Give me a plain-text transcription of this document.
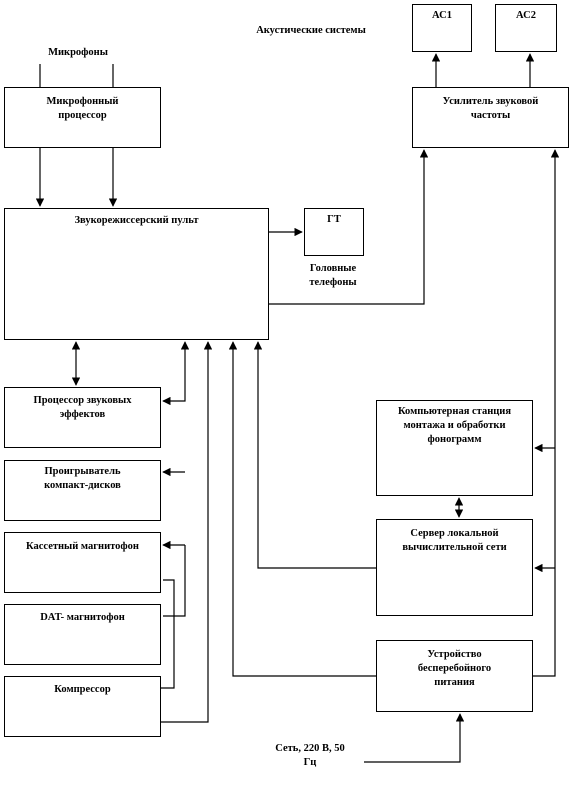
АС1	АС2
Микрофонный
процессор
Усилитель звуковой
частоты
Звукорежиссерский пульт	ГТ
Процессор звуковых
эффектов
Проигрыватель
компакт-дисков
Кассетный магнитофон
DAT- магнитофон
Компрессор
Компьютерная станция
монтажа и обработки
фонограмм
Сервер локальной
вычислительной сети
Устройство
бесперебойного
питания
Акустические системы
Микрофоны
Головные
телефоны
Сеть, 220 В, 50
Гц
